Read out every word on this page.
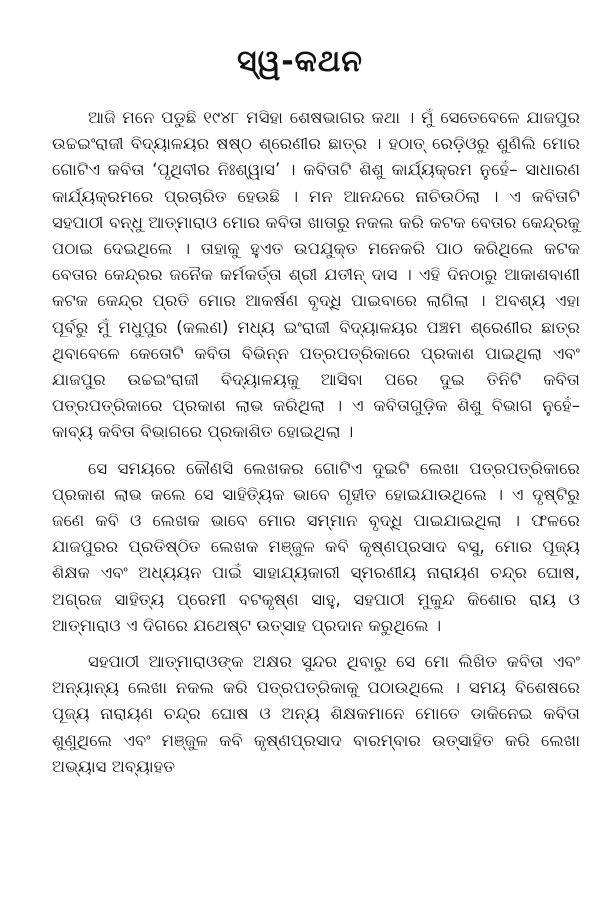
ସ୍ୱ-କଥନ

ଆଜି ମନେ ପଡୁଛି ୧୯୪୮ ମସିହା ଶେଷଭାଗର କଥା । ମୁଁ ସେତେବେଳେ ଯାଜପୁର ଉଚ୍ଚଇଂରାଜୀ ବିଦ୍ୟାଳୟର ଷଷ୍ଠ ଶ୍ରେଣୀର ଛାତ୍ର । ହଠାତ୍ ରେଡ଼ିଓରୁ ଶୁଣିଲି ମୋର ଗୋଟିଏ କବିତା ‘ପୃଥିବୀର ନିଃଶ୍ୱାସ’ । କବିତାଟି ଶିଶୁ କାର୍ଯ୍ୟକ୍ରମ ନୁହେଁ– ସାଧାରଣ କାର୍ଯ୍ୟକ୍ରମରେ ପ୍ରଚାରିତ ହେଉଛି । ମନ ଆନନ୍ଦରେ ନାଚିଉଠିଲା । ଏ କବିତାଟି ସହପାଠୀ ବନ୍ଧୁ ଆତ୍ମାରାଓ ମୋର କବିତା ଖାତାରୁ ନକଲ କରି କଟକ ବେତାର କେନ୍ଦ୍ରକୁ ପଠାଇ ଦେଇଥିଲେ । ତାହାକୁ ହୁଏତ ଉପଯୁକ୍ତ ମନେକରି ପାଠ କରିଥିଲେ କଟକ ବେତାର କେନ୍ଦ୍ରର ଜନୈକ କର୍ମକର୍ତ୍ତା ଶ୍ରୀ ଯତୀନ୍ ଦାସ । ଏହି ଦିନଠାରୁ ଆକାଶବାଣୀ କଟକ କେନ୍ଦ୍ର ପ୍ରତି ମୋର ଆକର୍ଷଣ ବୃଦ୍ଧି ପାଇବାରେ ଲାଗିଲା । ଅବଶ୍ୟ ଏହା ପୂର୍ବରୁ ମୁଁ ମଧୁପୁର (କଲଣ) ମଧ୍ୟ ଇଂରାଜୀ ବିଦ୍ୟାଳୟର ପଞ୍ଚମ ଶ୍ରେଣୀର ଛାତ୍ର ଥିବାବେଳେ କେତୋଟି କବିତା ବିଭିନ୍ନ ପତ୍ରପତ୍ରିକାରେ ପ୍ରକାଶ ପାଇଥିଲା ଏବଂ ଯାଜପୁର ଉଚ୍ଚଇଂରାଜୀ ବିଦ୍ୟାଳୟକୁ ଆସିବା ପରେ ଦୁଇ ତିନିଟି କବିତା ପତ୍ରପତ୍ରିକାରେ ପ୍ରକାଶ ଲାଭ କରିଥିଲା । ଏ କବିତାଗୁଡ଼ିକ ଶିଶୁ ବିଭାଗ ନୁହେଁ–କାବ୍ୟ କବିତା ବିଭାଗରେ ପ୍ରକାଶିତ ହୋଇଥିଲା ।

ସେ ସମୟରେ କୌଣସି ଲେଖକର ଗୋଟିଏ ଦୁଇଟି ଲେଖା ପତ୍ରପତ୍ରିକାରେ ପ୍ରକାଶ ଲାଭ କଲେ ସେ ସାହିତ୍ୟିକ ଭାବେ ଗୃହୀତ ହୋଇଯାଉଥିଲେ । ଏ ଦୃଷ୍ଟିରୁ ଜଣେ କବି ଓ ଲେଖକ ଭାବେ ମୋର ସମ୍ମାନ ବୃଦ୍ଧି ପାଇଯାଇଥିଲା । ଫଳରେ ଯାଜପୁରର ପ୍ରତିଷ୍ଠିତ ଲେଖକ ମଞ୍ଜୁଳ କବି କୃଷ୍ଣପ୍ରସାଦ ବସୁ, ମୋର ପୂଜ୍ୟ ଶିକ୍ଷକ ଏବଂ ଅଧ୍ୟୟନ ପାଇଁ ସାହାଯ୍ୟକାରୀ ସ୍ମରଣୀୟ ନାରାୟଣ ଚନ୍ଦ୍ର ଘୋଷ, ଅଗ୍ରଜ ସାହିତ୍ୟ ପ୍ରେମୀ ବଟକୃଷ୍ଣ ସାହୁ, ସହପାଠୀ ମୁକୁନ୍ଦ କିଶୋର ରାୟ ଓ ଆତ୍ମାରାଓ ଏ ଦିଗରେ ଯଥେଷ୍ଟ ଉତ୍ସାହ ପ୍ରଦାନ କରୁଥିଲେ ।

ସହପାଠୀ ଆତ୍ମାରାଓଙ୍କ ଅକ୍ଷର ସୁନ୍ଦର ଥିବାରୁ ସେ ମୋ ଲିଖିତ କବିତା ଏବଂ ଅନ୍ୟାନ୍ୟ ଲେଖା ନକଲ କରି ପତ୍ରପତ୍ରିକାକୁ ପଠାଉଥିଲେ । ସମୟ ବିଶେଷରେ ପୂଜ୍ୟ ନାରାୟଣ ଚନ୍ଦ୍ର ଘୋଷ ଓ ଅନ୍ୟ ଶିକ୍ଷକମାନେ ମୋତେ ଡାକିନେଇ କବିତା ଶୁଣୁଥିଲେ ଏବଂ ମଞ୍ଜୁଳ କବି କୃଷ୍ଣପ୍ରସାଦ ବାରମ୍ବାର ଉତ୍ସାହିତ କରି ଲେଖା ଅଭ୍ୟାସ ଅବ୍ୟାହତ
